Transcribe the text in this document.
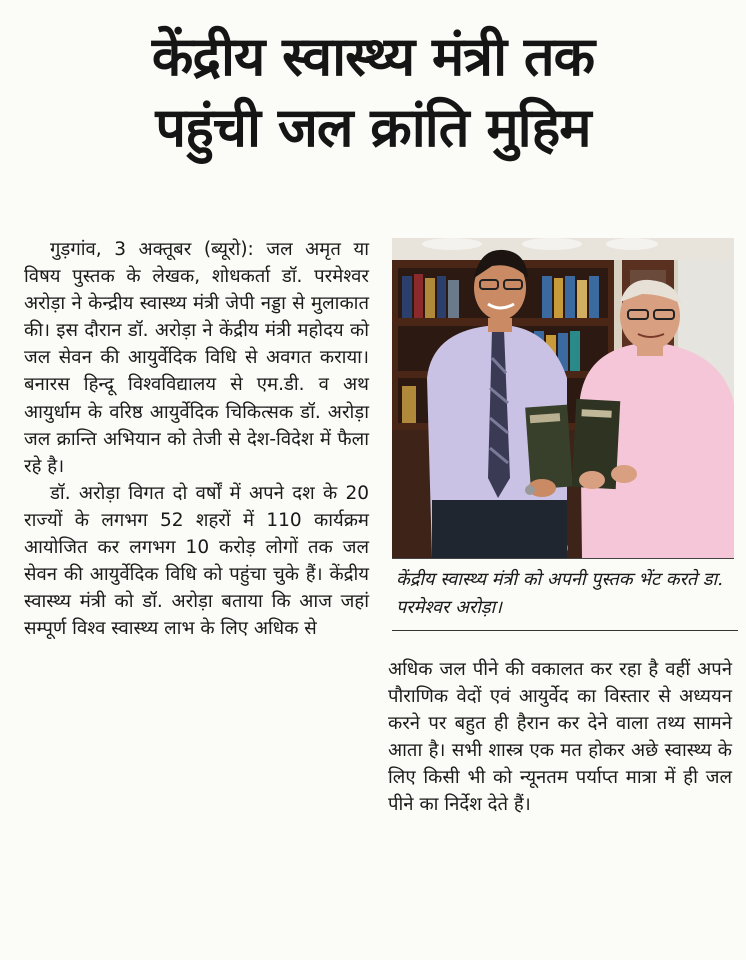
केंद्रीय स्वास्थ्य मंत्री तक
पहुंची जल क्रांति मुहिम

गुड़गांव, 3 अक्तूबर (ब्यूरो): जल अमृत या विषय पुस्तक के लेखक, शोधकर्ता डॉ. परमेश्वर अरोड़ा ने केन्द्रीय स्वास्थ्य मंत्री जेपी नड्डा से मुलाकात की। इस दौरान डॉ. अरोड़ा ने केंद्रीय मंत्री महोदय को जल सेवन की आयुर्वेदिक विधि से अवगत कराया। बनारस हिन्दू विश्वविद्यालय से एम.डी. व अथ आयुर्धाम के वरिष्ठ आयुर्वेदिक चिकित्सक डॉ. अरोड़ा जल क्रान्ति अभियान को तेजी से देश-विदेश में फैला रहे है।

डॉ. अरोड़ा विगत दो वर्षों में अपने दश के 20 राज्यों के लगभग 52 शहरों में 110 कार्यक्रम आयोजित कर लगभग 10 करोड़ लोगों तक जल सेवन की आयुर्वेदिक विधि को पहुंचा चुके हैं। केंद्रीय स्वास्थ्य मंत्री को डॉ. अरोड़ा बताया कि आज जहां सम्पूर्ण विश्व स्वास्थ्य लाभ के लिए अधिक से

केंद्रीय स्वास्थ्य मंत्री को अपनी पुस्तक भेंट करते डा. परमेश्वर अरोड़ा।

अधिक जल पीने की वकालत कर रहा है वहीं अपने पौराणिक वेदों एवं आयुर्वेद का विस्तार से अध्ययन करने पर बहुत ही हैरान कर देने वाला तथ्य सामने आता है। सभी शास्त्र एक मत होकर अछे स्वास्थ्य के लिए किसी भी को न्यूनतम पर्याप्त मात्रा में ही जल पीने का निर्देश देते हैं।
